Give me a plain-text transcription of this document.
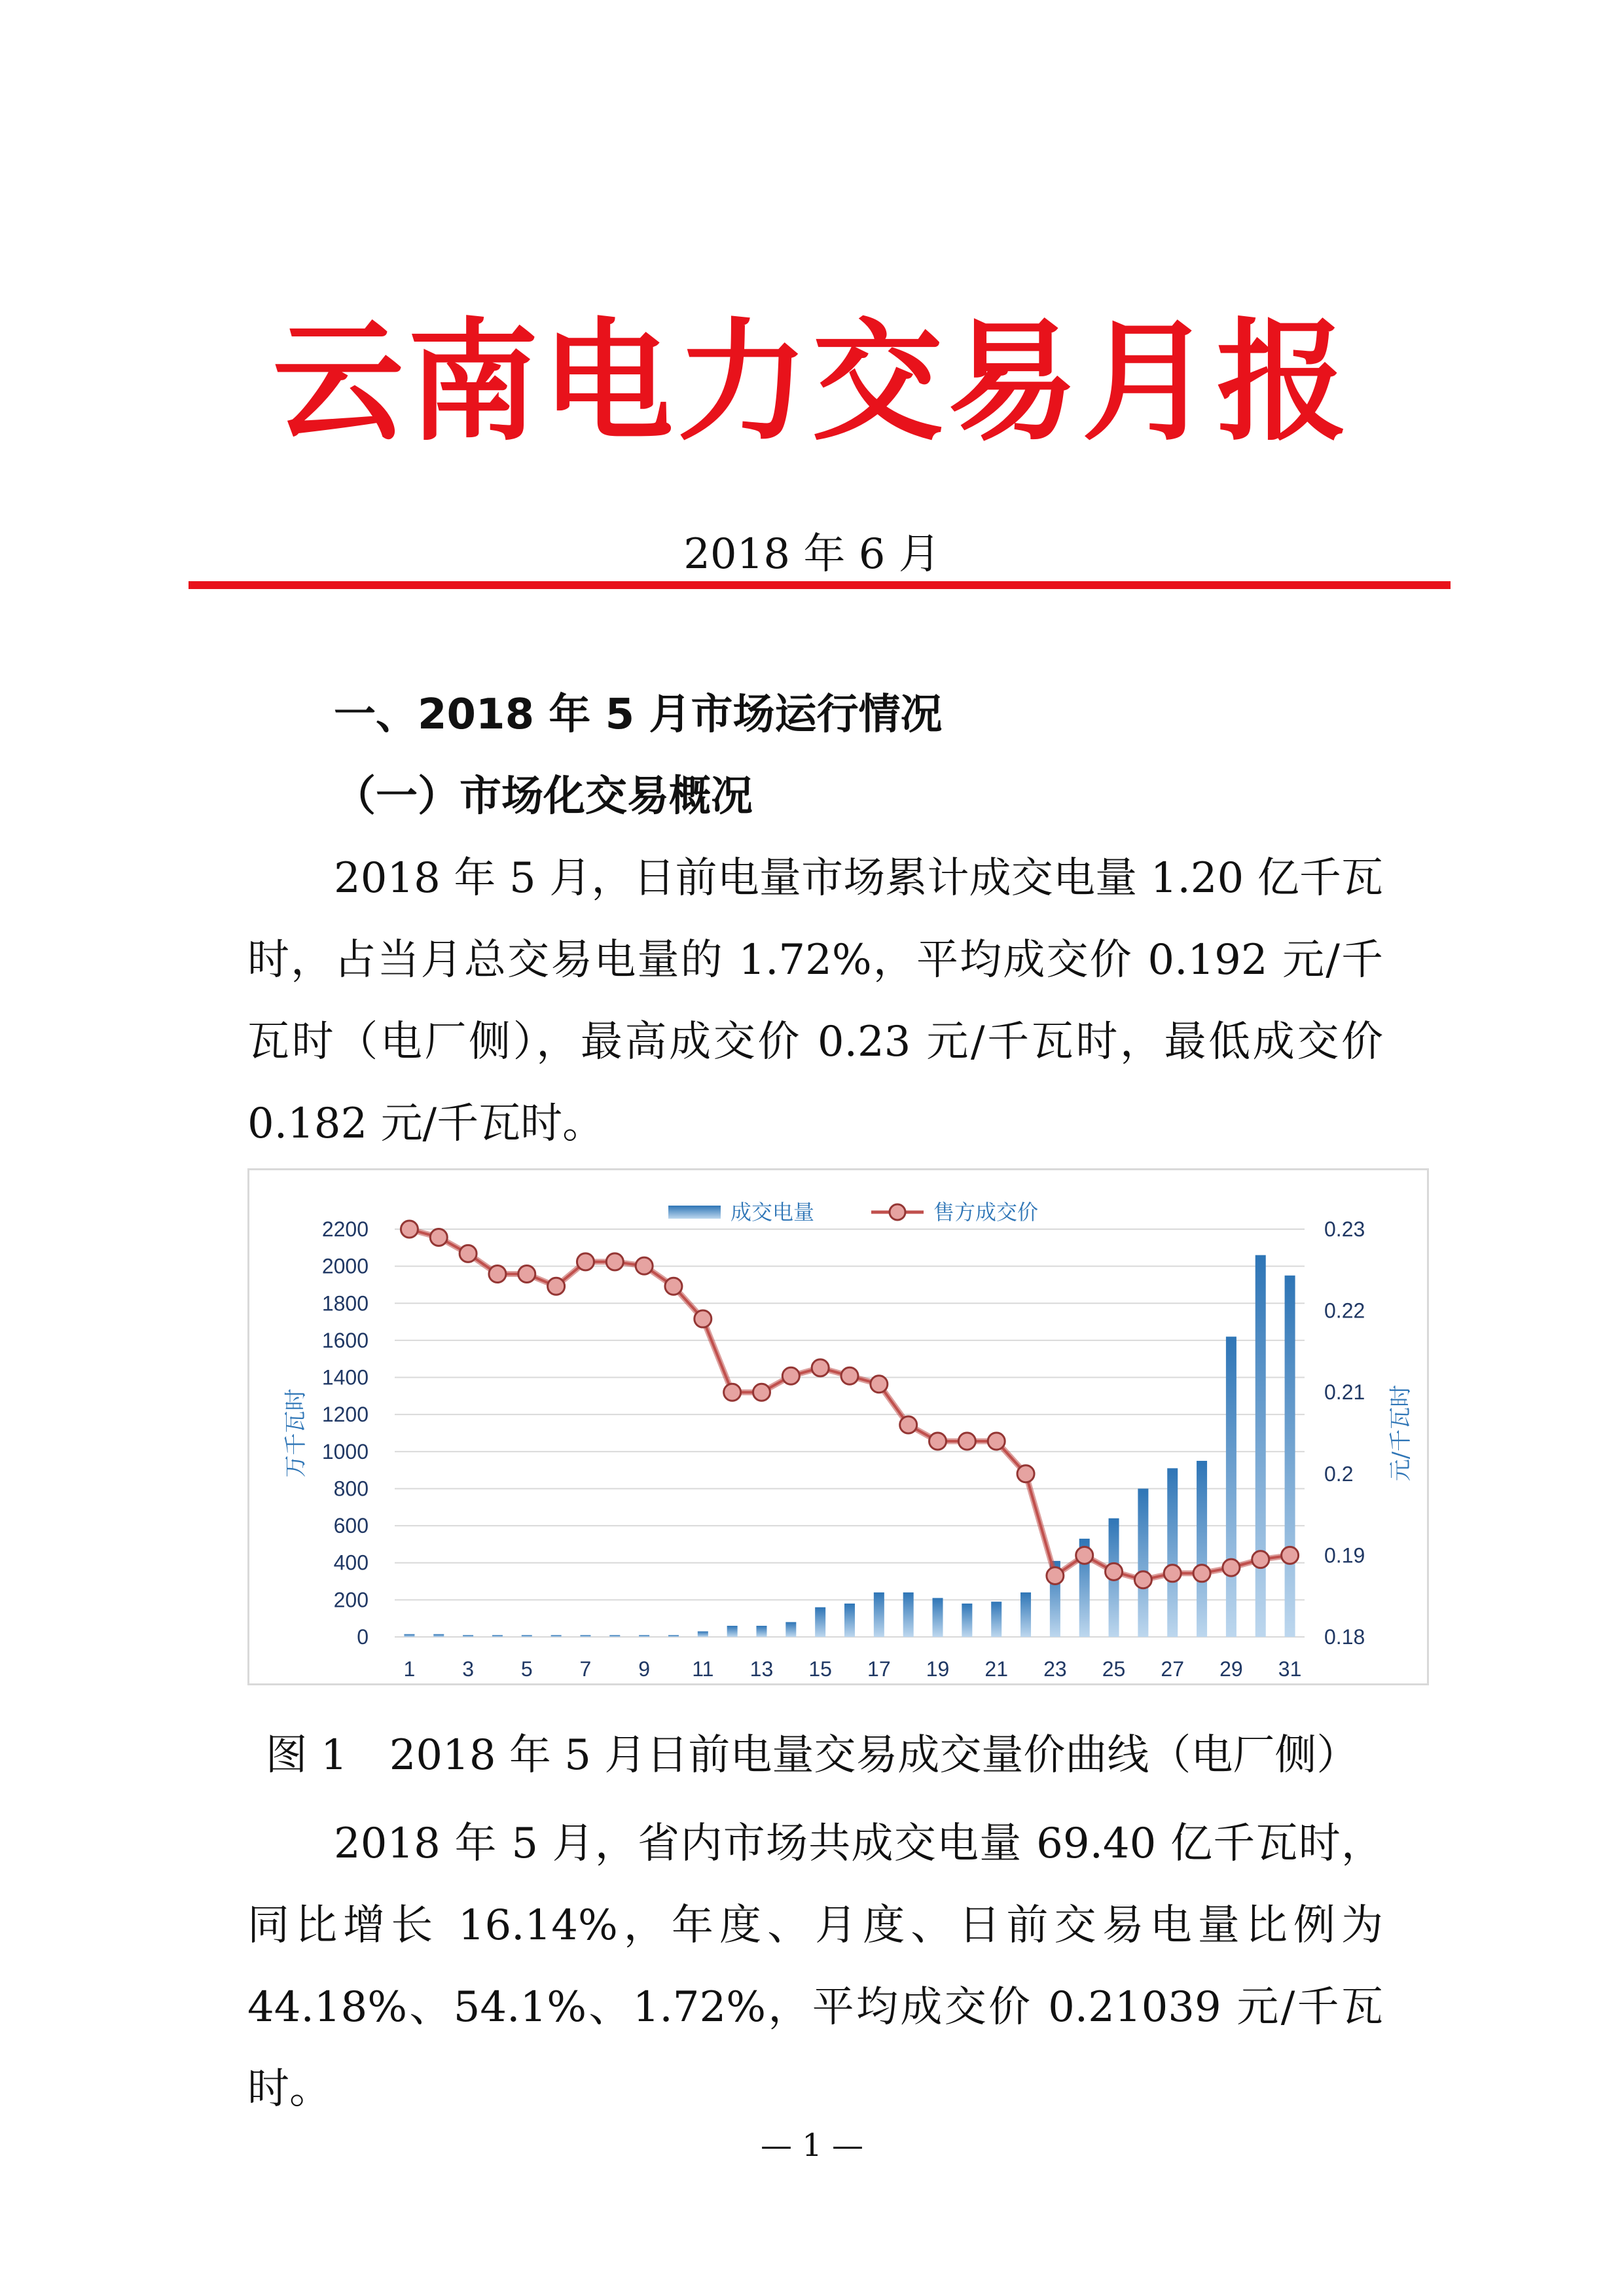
云南电力交易月报
2018 年 6 月
一、2018 年 5 月市场运行情况
（一）市场化交易概况

2018 年 5 月，日前电量市场累计成交电量 1.20 亿千瓦时，占当月总交易电量的 1.72%，平均成交价 0.192 元/千瓦时（电厂侧），最高成交价 0.23 元/千瓦时，最低成交价 0.182 元/千瓦时。

0
200
400
600
800
1000
1200
1400
1600
1800
2000
2200
0.18
0.19
0.2
0.21
0.22
0.23
1 3 5 7 9 11 13 15 17 19 21 23 25 27 29 31
万千瓦时	元/千瓦时
成交电量	售方成交价
图 1　2018 年 5 月日前电量交易成交量价曲线（电厂侧）

2018 年 5 月，省内市场共成交电量 69.40 亿千瓦时，同比增长 16.14%，年度、月度、日前交易电量比例为 44.18%、54.1%、1.72%，平均成交价 0.21039 元/千瓦时。

— 1 —
